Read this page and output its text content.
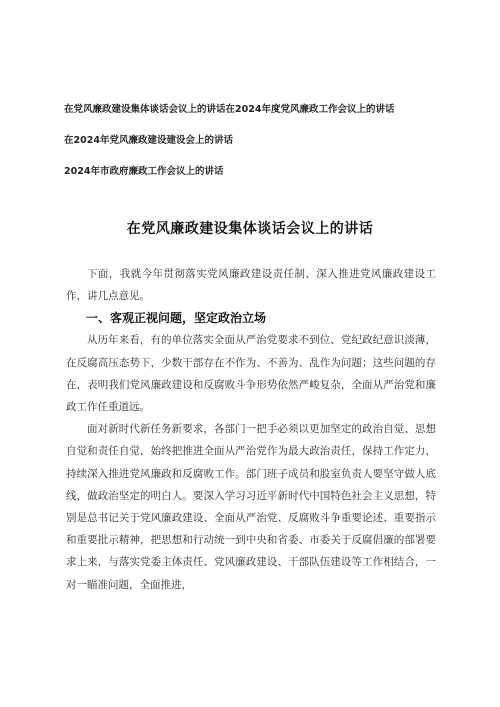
在党风廉政建设集体谈话会议上的讲话在2024年度党风廉政工作会议上的讲话
在2024年党风廉政建设建设会上的讲话
2024年市政府廉政工作会议上的讲话
在党风廉政建设集体谈话会议上的讲话

下面，我就今年贯彻落实党风廉政建设责任制、深入推进党风廉政建设工作，讲几点意见。

一、客观正视问题，坚定政治立场

从历年来看，有的单位落实全面从严治党要求不到位、党纪政纪意识淡薄，在反腐高压态势下，少数干部存在不作为、不善为、乱作为问题；这些问题的存在，表明我们党风廉政建设和反腐败斗争形势依然严峻复杂，全面从严治党和廉政工作任重道远。

面对新时代新任务新要求，各部门一把手必须以更加坚定的政治自觉、思想自觉和责任自觉，始终把推进全面从严治党作为最大政治责任，保持工作定力，持续深入推进党风廉政和反腐败工作。部门班子成员和股室负责人要坚守做人底线，做政治坚定的明白人。要深入学习习近平新时代中国特色社会主义思想，特别是总书记关于党风廉政建设、全面从严治党、反腐败斗争重要论述、重要指示和重要批示精神，把思想和行动统一到中央和省委、市委关于反腐倡廉的部署要求上来，与落实党委主体责任、党风廉政建设、干部队伍建设等工作相结合，一对一瞄准问题，全面推进，
